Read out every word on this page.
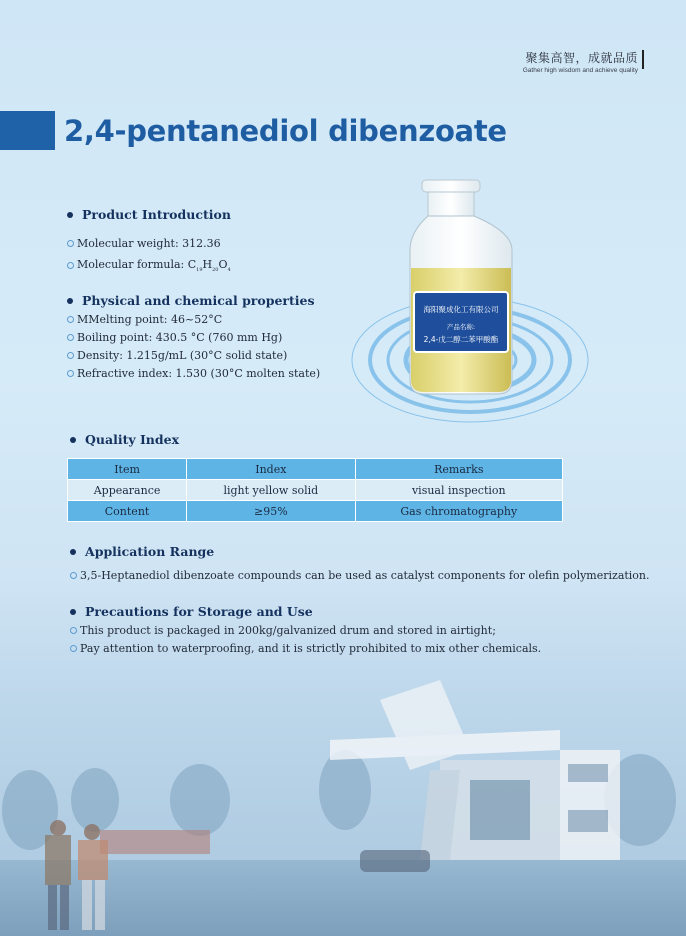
聚集高智，成就品质
Gather high wisdom and achieve quality
2,4-pentanediol dibenzoate
Product Introduction
Molecular weight: 312.36
Molecular formula: $C_{19}H_{20}O_4$
Physical and chemical properties
MMelting point: 46~52°C
Boiling point: 430.5 °C (760 mm Hg)
Density: 1.215g/mL (30°C solid state)
Refractive index: 1.530 (30°C molten state)
海阳聚成化工有限公司
产品名称:
2,4-戊二醇二苯甲酸酯
Quality Index
Item	Index	Remarks
Appearance	light yellow solid	visual inspection
Content	≥95%	Gas chromatography
Application Range
3,5-Heptanediol dibenzoate compounds can be used as catalyst components for olefin polymerization.
Precautions for Storage and Use
This product is packaged in 200kg/galvanized drum and stored in airtight;
Pay attention to waterproofing, and it is strictly prohibited to mix other chemicals.
